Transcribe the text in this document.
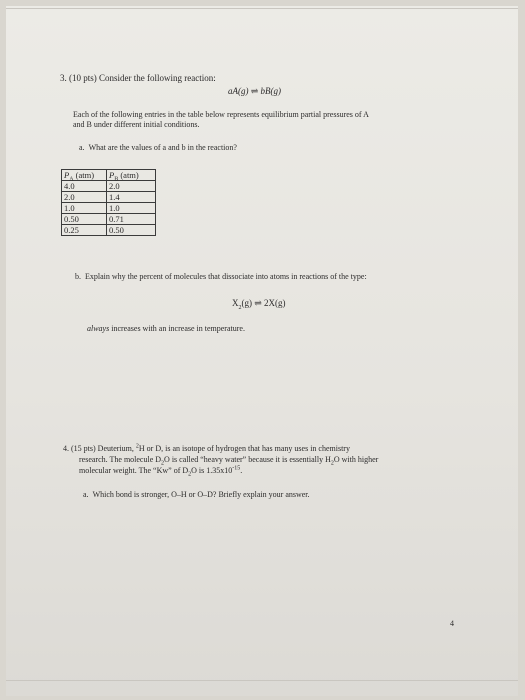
3. (10 pts) Consider the following reaction:

aA(g) ⇌ bB(g)

Each of the following entries in the table below represents equilibrium partial pressures of A

and B under different initial conditions.

a. What are the values of a and b in the reaction?

$P_A$ (atm)	$P_B$ (atm)
4.0	2.0
2.0	1.4
1.0	1.0
0.50	0.71
0.25	0.50

b. Explain why the percent of molecules that dissociate into atoms in reactions of the type:

$X_2(g)$ ⇌ 2X(g)

always increases with an increase in temperature.

4. (15 pts) Deuterium, $^2$H or D, is an isotope of hydrogen that has many uses in chemistry

research. The molecule $D_2O$ is called “heavy water” because it is essentially $H_2O$ with higher

molecular weight. The “Kw” of $D_2O$ is $1.35x10^{-15}$.

a. Which bond is stronger, O–H or O–D? Briefly explain your answer.

4
